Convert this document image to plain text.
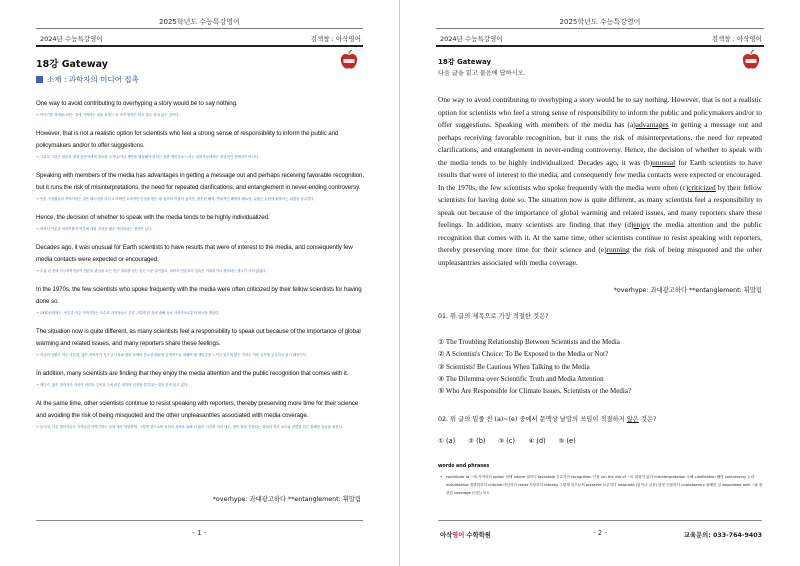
2025학년도 수능특강영어
2024년 수능특강영어	검색창 : 아삭영어
18강 Gateway
소재 : 과학자의 미디어 접촉
One way to avoid contributing to overhyping a story would be to say nothing.
→ 이야기를 과대광고하는 것에 기여하는 것을 피하는 한 가지 방법은 아무 말도 하지 않는 것이다.
However, that is not a realistic option for scientists who feel a strong sense of responsibility to inform the public and policymakers and/or to offer suggestions.
→ 그러나 그것은 대중과 정책 입안자에게 정보를 주거나/거나 제안을 제공해야 한다는 강한 책임감을 느끼는 과학자들에게는 현실적인 선택지가 아니다.
Speaking with members of the media has advantages in getting a message out and perhaps receiving favorable recognition, but it runs the risk of misinterpretations, the need for repeated clarifications, and entanglement in never-ending controversy.
→ 언론 구성원들과 이야기하는 것은 메시지를 알리고 어쩌면 호의적인 인정을 받는 데 있어서 이점이 있지만, 잘못된 해석, 반복적인 해명의 필요성, 끝없는 논란에 휘말리는 위험을 감수한다.
Hence, the decision of whether to speak with the media tends to be highly individualized.
→ 따라서 언론과 이야기할지 여부에 대한 결정은 매우 개인화되는 경향이 있다.
Decades ago, it was unusual for Earth scientists to have results that were of interest to the media, and consequently few media contacts were expected or encouraged.
→ 수십 년 전에 지구과학자들이 언론의 관심을 끄는 연구 결과를 얻는 것은 드문 일이었고, 따라서 언론과의 접촉은 기대되거나 장려되는 경우가 거의 없었다.
In the 1970s, the few scientists who spoke frequently with the media were often criticized by their fellow scientists for having done so.
→ 1970년대에는, 언론과 자주 이야기하는 소수의 과학자들은 흔히 그렇게 한 것에 대해 동료 과학자들로부터 비난을 받았다.
The situation now is quite different, as many scientists feel a responsibility to speak out because of the importance of global warming and related issues, and many reporters share these feelings.
→ 지금의 상황은 아주 다른데, 많은 과학자가 지구 온난화와 관련 문제의 중요성 때문에 공개적으로 말해야 할 책임감을 느끼고 있으며 많은 기자도 이런 감정을 공유하고 있기 때문이다.
In addition, many scientists are finding that they enjoy the media attention and the public recognition that comes with it.
→ 게다가, 많은 과학자가 자신이 언론의 주목과 그에 따른 대중의 인정을 즐긴다는 것을 알게 되고 있다.
At the same time, other scientists continue to resist speaking with reporters, thereby preserving more time for their science and avoiding the risk of being misquoted and the other unpleasantries associated with media coverage.
→ 동시에, 다른 과학자들은 기자들과 이야기하는 것에 계속 저항하며, 그렇게 함으로써 자신의 과학을 위해 더 많은 시간을 지켜 내고, 말이 잘못 인용되는 위험과 언론 보도와 관련된 다른 불쾌한 일들을 피한다.
*overhype: 과대광고하다 **entanglement: 휘말림
- 1 -
2025학년도 수능특강영어
2024년 수능특강영어	검색창 : 아삭영어
18강 Gateway
다음 글을 읽고 물음에 답하시오.

One way to avoid contributing to overhyping a story would be to say nothing. However, that is not a realistic option for scientists who feel a strong sense of responsibility to inform the public and policymakers and/or to offer suggestions. Speaking with members of the media has (a)advantages in getting a message out and perhaps receiving favorable recognition, but it runs the risk of misinterpretations, the need for repeated clarifications, and entanglement in never-ending controversy. Hence, the decision of whether to speak with the media tends to be highly individualized. Decades ago, it was (b)unusual for Earth scientists to have results that were of interest to the media, and consequently few media contacts were expected or encouraged. In the 1970s, the few scientists who spoke frequently with the media were often (c)criticized by their fellow scientists for having done so. The situation now is quite different, as many scientists feel a responsibility to speak out because of the importance of global warming and related issues, and many reporters share these feelings. In addition, many scientists are finding that they (d)enjoy the media attention and the public recognition that comes with it. At the same time, other scientists continue to resist speaking with reporters, thereby preserving more time for their science and (e)running the risk of being misquoted and the other unpleasantries associated with media coverage.

*overhype: 과대광고하다 **entanglement: 휘말림
01. 위 글의 제목으로 가장 적절한 것은?
① The Troubling Relationship Between Scientists and the Media
② A Scientist's Choice: To Be Exposed to the Media or Not?
③ Scientists! Be Cautious When Talking to the Media
④ The Dilemma over Scientific Truth and Media Attention
⑤ Who Are Responsible for Climate Issues, Scientists or the Media?
02. 위 글의 밑줄 친 (a)~(e) 중에서 문맥상 낱말의 쓰임이 적절하지 않은 것은?
① (a) ② (b) ③ (c) ④ (d) ⑤ (e)
words and phrases
• contribute to ~에 기여하다 option 선택 inform 알리다 favorable 우호적인 recognition 인정 run the risk of ~의 위험이 있다 misinterpretation 오해 clarification 해명 controversy 논란 individualize 개별화하다 criticize 비난하다 resist 저항하다 thereby 그렇게 함으로써 preserve 보존하다 misquote (말이나 글을) 잘못 인용하다 unpleasantry 불쾌한 일 associated with ~와 관련된 coverage (언론) 보도
- 2 -
아삭영어 수학학원	교육문의: 033-764-9403
